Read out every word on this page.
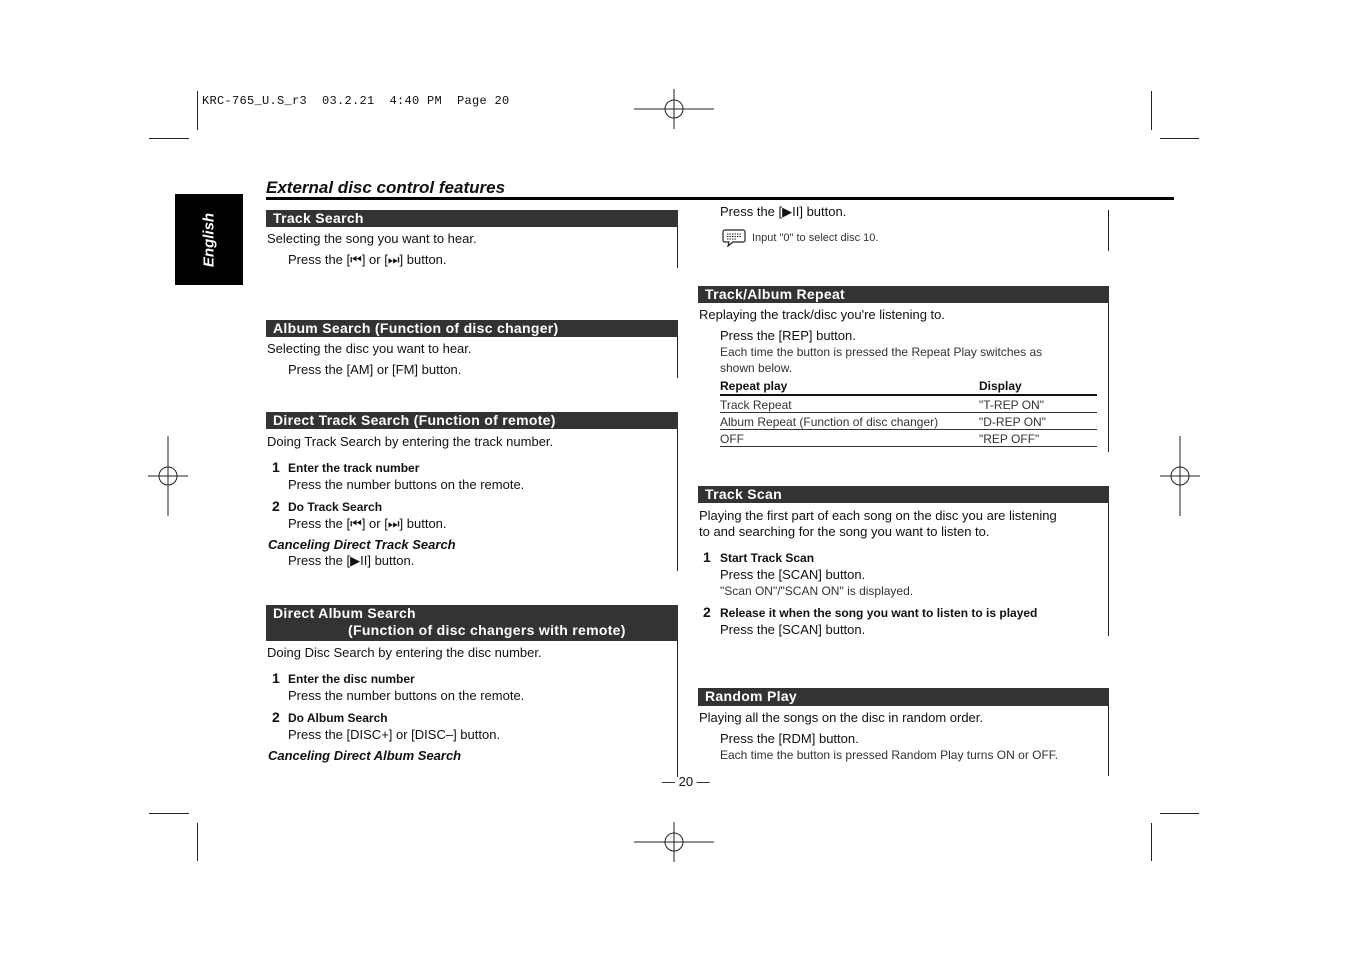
KRC-765_U.S_r3  03.2.21  4:40 PM  Page 20
English
External disc control features
Track Search
Selecting the song you want to hear.
Press the [⏮] or [⏭] button.
Album Search (Function of disc changer)
Selecting the disc you want to hear.
Press the [AM] or [FM] button.
Direct Track Search (Function of remote)
Doing Track Search by entering the track number.
1 Enter the track number
Press the number buttons on the remote.
2 Do Track Search
Press the [⏮] or [⏭] button.
Canceling Direct Track Search
Press the [▶II] button.
Direct Album Search
(Function of disc changers with remote)
Doing Disc Search by entering the disc number.
1 Enter the disc number
Press the number buttons on the remote.
2 Do Album Search
Press the [DISC+] or [DISC–] button.
Canceling Direct Album Search
— 20 —
Press the [▶II] button.
Input "0" to select disc 10.
Track/Album Repeat
Replaying the track/disc you're listening to.
Press the [REP] button.
Each time the button is pressed the Repeat Play switches as
shown below.
Repeat play	Display
Track Repeat	"T-REP ON"
Album Repeat (Function of disc changer)	"D-REP ON"
OFF	"REP OFF"
Track Scan
Playing the first part of each song on the disc you are listening
to and searching for the song you want to listen to.
1 Start Track Scan
Press the [SCAN] button.
"Scan ON"/"SCAN ON" is displayed.
2 Release it when the song you want to listen to is played
Press the [SCAN] button.
Random Play
Playing all the songs on the disc in random order.
Press the [RDM] button.
Each time the button is pressed Random Play turns ON or OFF.
